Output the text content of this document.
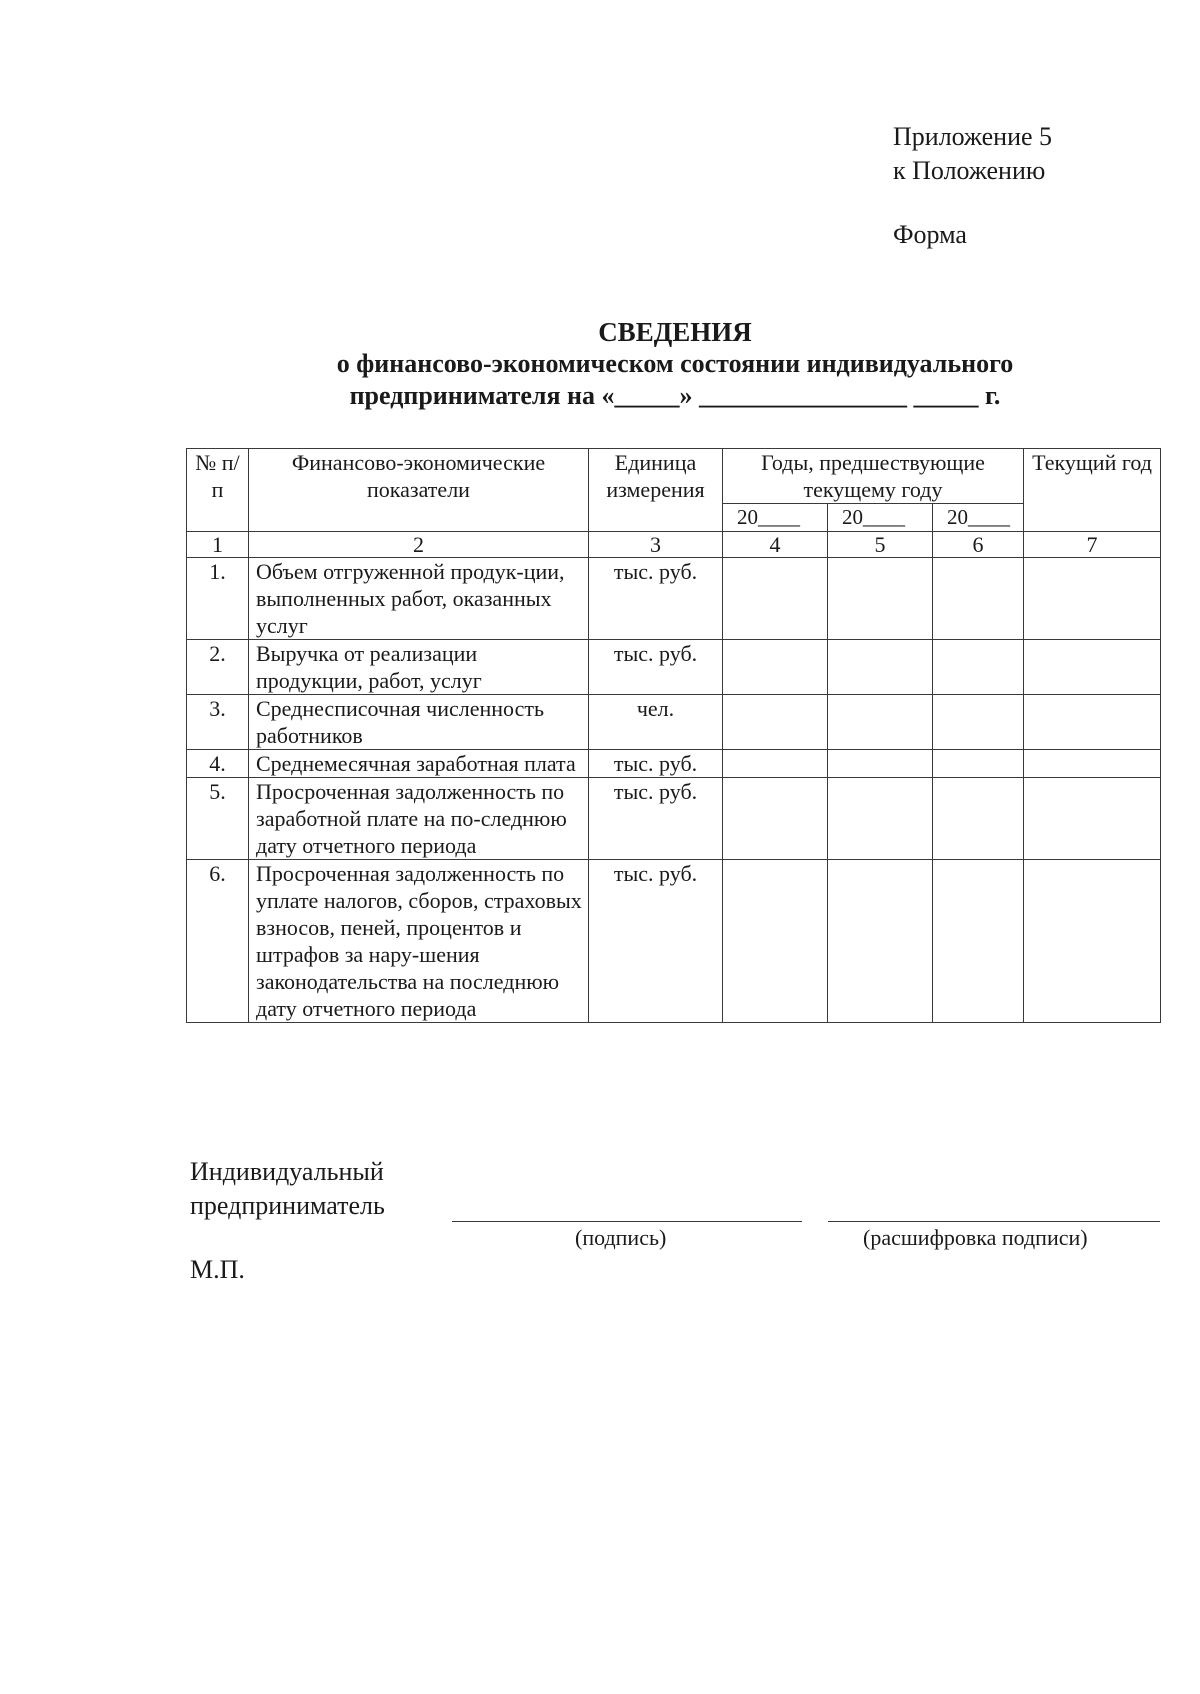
Приложение 5
к Положению
Форма
СВЕДЕНИЯ
о финансово-экономическом состоянии индивидуального
предпринимателя на «_____» ________________ _____ г.
№ п/п	Финансово-экономические показатели	Единица измерения	Годы, предшествующие текущему году			Текущий год
			20____	20____	20____	
1	2	3	4	5	6	7
1.	Объем отгруженной продук-ции, выполненных работ, оказанных услуг	тыс. руб.				
2.	Выручка от реализации продукции, работ, услуг	тыс. руб.				
3.	Среднесписочная численность работников	чел.				
4.	Среднемесячная заработная плата	тыс. руб.				
5.	Просроченная задолженность по заработной плате на по-следнюю дату отчетного периода	тыс. руб.				
6.	Просроченная задолженность по уплате налогов, сборов, страховых взносов, пеней, процентов и штрафов за нару-шения законодательства на последнюю дату отчетного периода	тыс. руб.				
Индивидуальный
предприниматель
(подпись)	(расшифровка подписи)
М.П.
